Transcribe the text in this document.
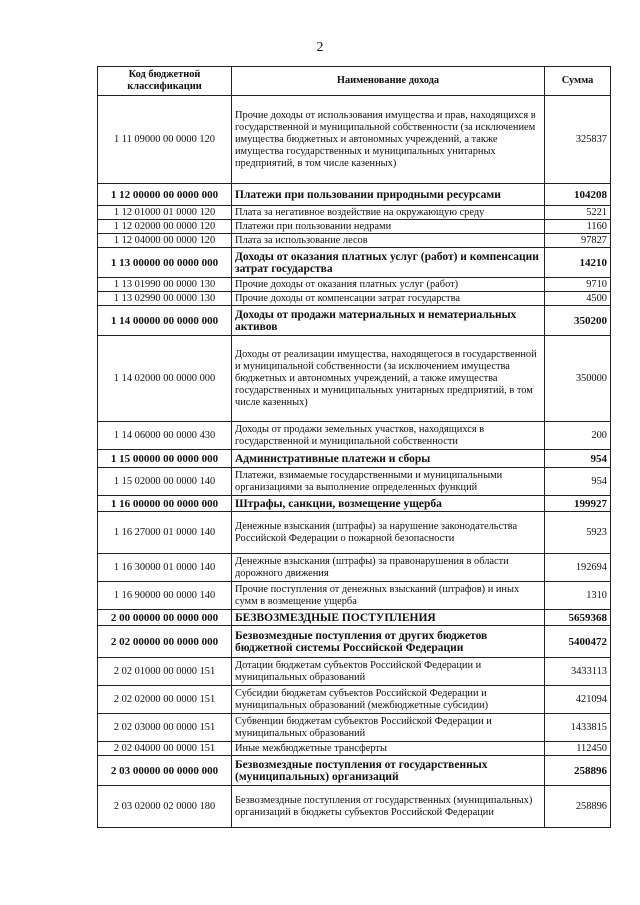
2
Код бюджетной классификации	Наименование дохода	Сумма
1 11 09000 00 0000 120	Прочие доходы от использования имущества и прав, находящихся в государственной и муниципальной собственности (за исключением имущества бюджетных и автономных учреждений, а также имущества государственных и муниципальных унитарных предприятий, в том числе казенных)	325837
1 12 00000 00 0000 000	Платежи при пользовании природными ресурсами	104208
1 12 01000 01 0000 120	Плата за негативное воздействие на окружающую среду	5221
1 12 02000 00 0000 120	Платежи при пользовании недрами	1160
1 12 04000 00 0000 120	Плата за использование лесов	97827
1 13 00000 00 0000 000	Доходы от оказания платных услуг (работ) и компенсации затрат государства	14210
1 13 01990 00 0000 130	Прочие доходы от оказания платных услуг (работ)	9710
1 13 02990 00 0000 130	Прочие доходы от компенсации затрат государства	4500
1 14 00000 00 0000 000	Доходы от продажи материальных и нематериальных активов	350200
1 14 02000 00 0000 000	Доходы от реализации имущества, находящегося в государственной и муниципальной собственности (за исключением имущества бюджетных и автономных учреждений, а также имущества государственных и муниципальных унитарных предприятий, в том числе казенных)	350000
1 14 06000 00 0000 430	Доходы от продажи земельных участков, находящихся в государственной и муниципальной собственности	200
1 15 00000 00 0000 000	Административные платежи и сборы	954
1 15 02000 00 0000 140	Платежи, взимаемые государственными и муниципальными организациями за выполнение определенных функций	954
1 16 00000 00 0000 000	Штрафы, санкции, возмещение ущерба	199927
1 16 27000 01 0000 140	Денежные взыскания (штрафы) за нарушение законодательства Российской Федерации о пожарной безопасности	5923
1 16 30000 01 0000 140	Денежные взыскания (штрафы) за правонарушения в области дорожного движения	192694
1 16 90000 00 0000 140	Прочие поступления от денежных взысканий (штрафов) и иных сумм в возмещение ущерба	1310
2 00 00000 00 0000 000	БЕЗВОЗМЕЗДНЫЕ ПОСТУПЛЕНИЯ	5659368
2 02 00000 00 0000 000	Безвозмездные поступления от других бюджетов бюджетной системы Российской Федерации	5400472
2 02 01000 00 0000 151	Дотации бюджетам субъектов Российской Федерации и муниципальных образований	3433113
2 02 02000 00 0000 151	Субсидии бюджетам субъектов Российской Федерации и муниципальных образований (межбюджетные субсидии)	421094
2 02 03000 00 0000 151	Субвенции бюджетам субъектов Российской Федерации и муниципальных образований	1433815
2 02 04000 00 0000 151	Иные межбюджетные трансферты	112450
2 03 00000 00 0000 000	Безвозмездные поступления от государственных (муниципальных) организаций	258896
2 03 02000 02 0000 180	Безвозмездные поступления от государственных (муниципальных) организаций в бюджеты субъектов Российской Федерации	258896
